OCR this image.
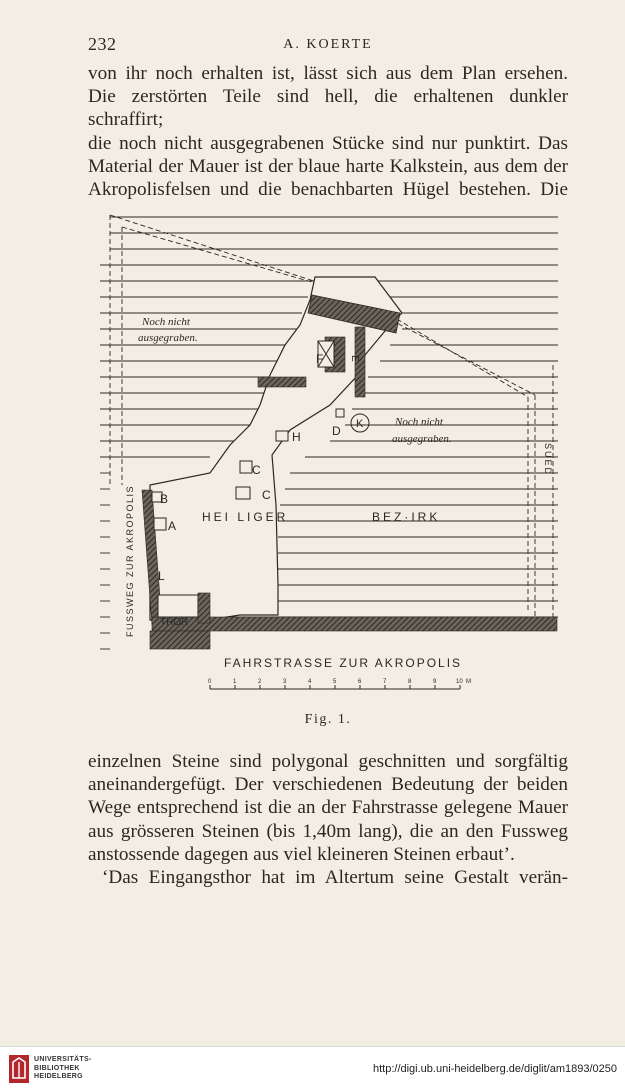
232	A. KOERTE
von ihr noch erhalten ist, lässt sich aus dem Plan ersehen.
Die zerstörten Teile sind hell, die erhaltenen dunkler schraffirt;
die noch nicht ausgegrabenen Stücke sind nur punktirt. Das
Material der Mauer ist der blaue harte Kalkstein, aus dem der
Akropolisfelsen und die benachbarten Hügel bestehen. Die
Noch nicht
ausgegraben.
Noch nicht
ausgegraben.
F	E
D K
H
C
C
B
A
L
THOR
HEI LIGER	BEZ·IRK
FAHRSTRASSE ZUR AKROPOLIS
SUED
FUSSWEG ZUR AKROPOLIS
0	1	2	3	4	5	6	7	8	9	10 M
Fig. 1.
einzelnen Steine sind polygonal geschnitten und sorgfältig
aneinandergefügt. Der verschiedenen Bedeutung der beiden
Wege entsprechend ist die an der Fahrstrasse gelegene Mauer
aus grösseren Steinen (bis 1,40m lang), die an den Fussweg
anstossende dagegen aus viel kleineren Steinen erbaut’.
‘Das Eingangsthor hat im Altertum seine Gestalt verän-
UNIVERSITÄTS-
BIBLIOTHEK
HEIDELBERG
http://digi.ub.uni-heidelberg.de/diglit/am1893/0250
